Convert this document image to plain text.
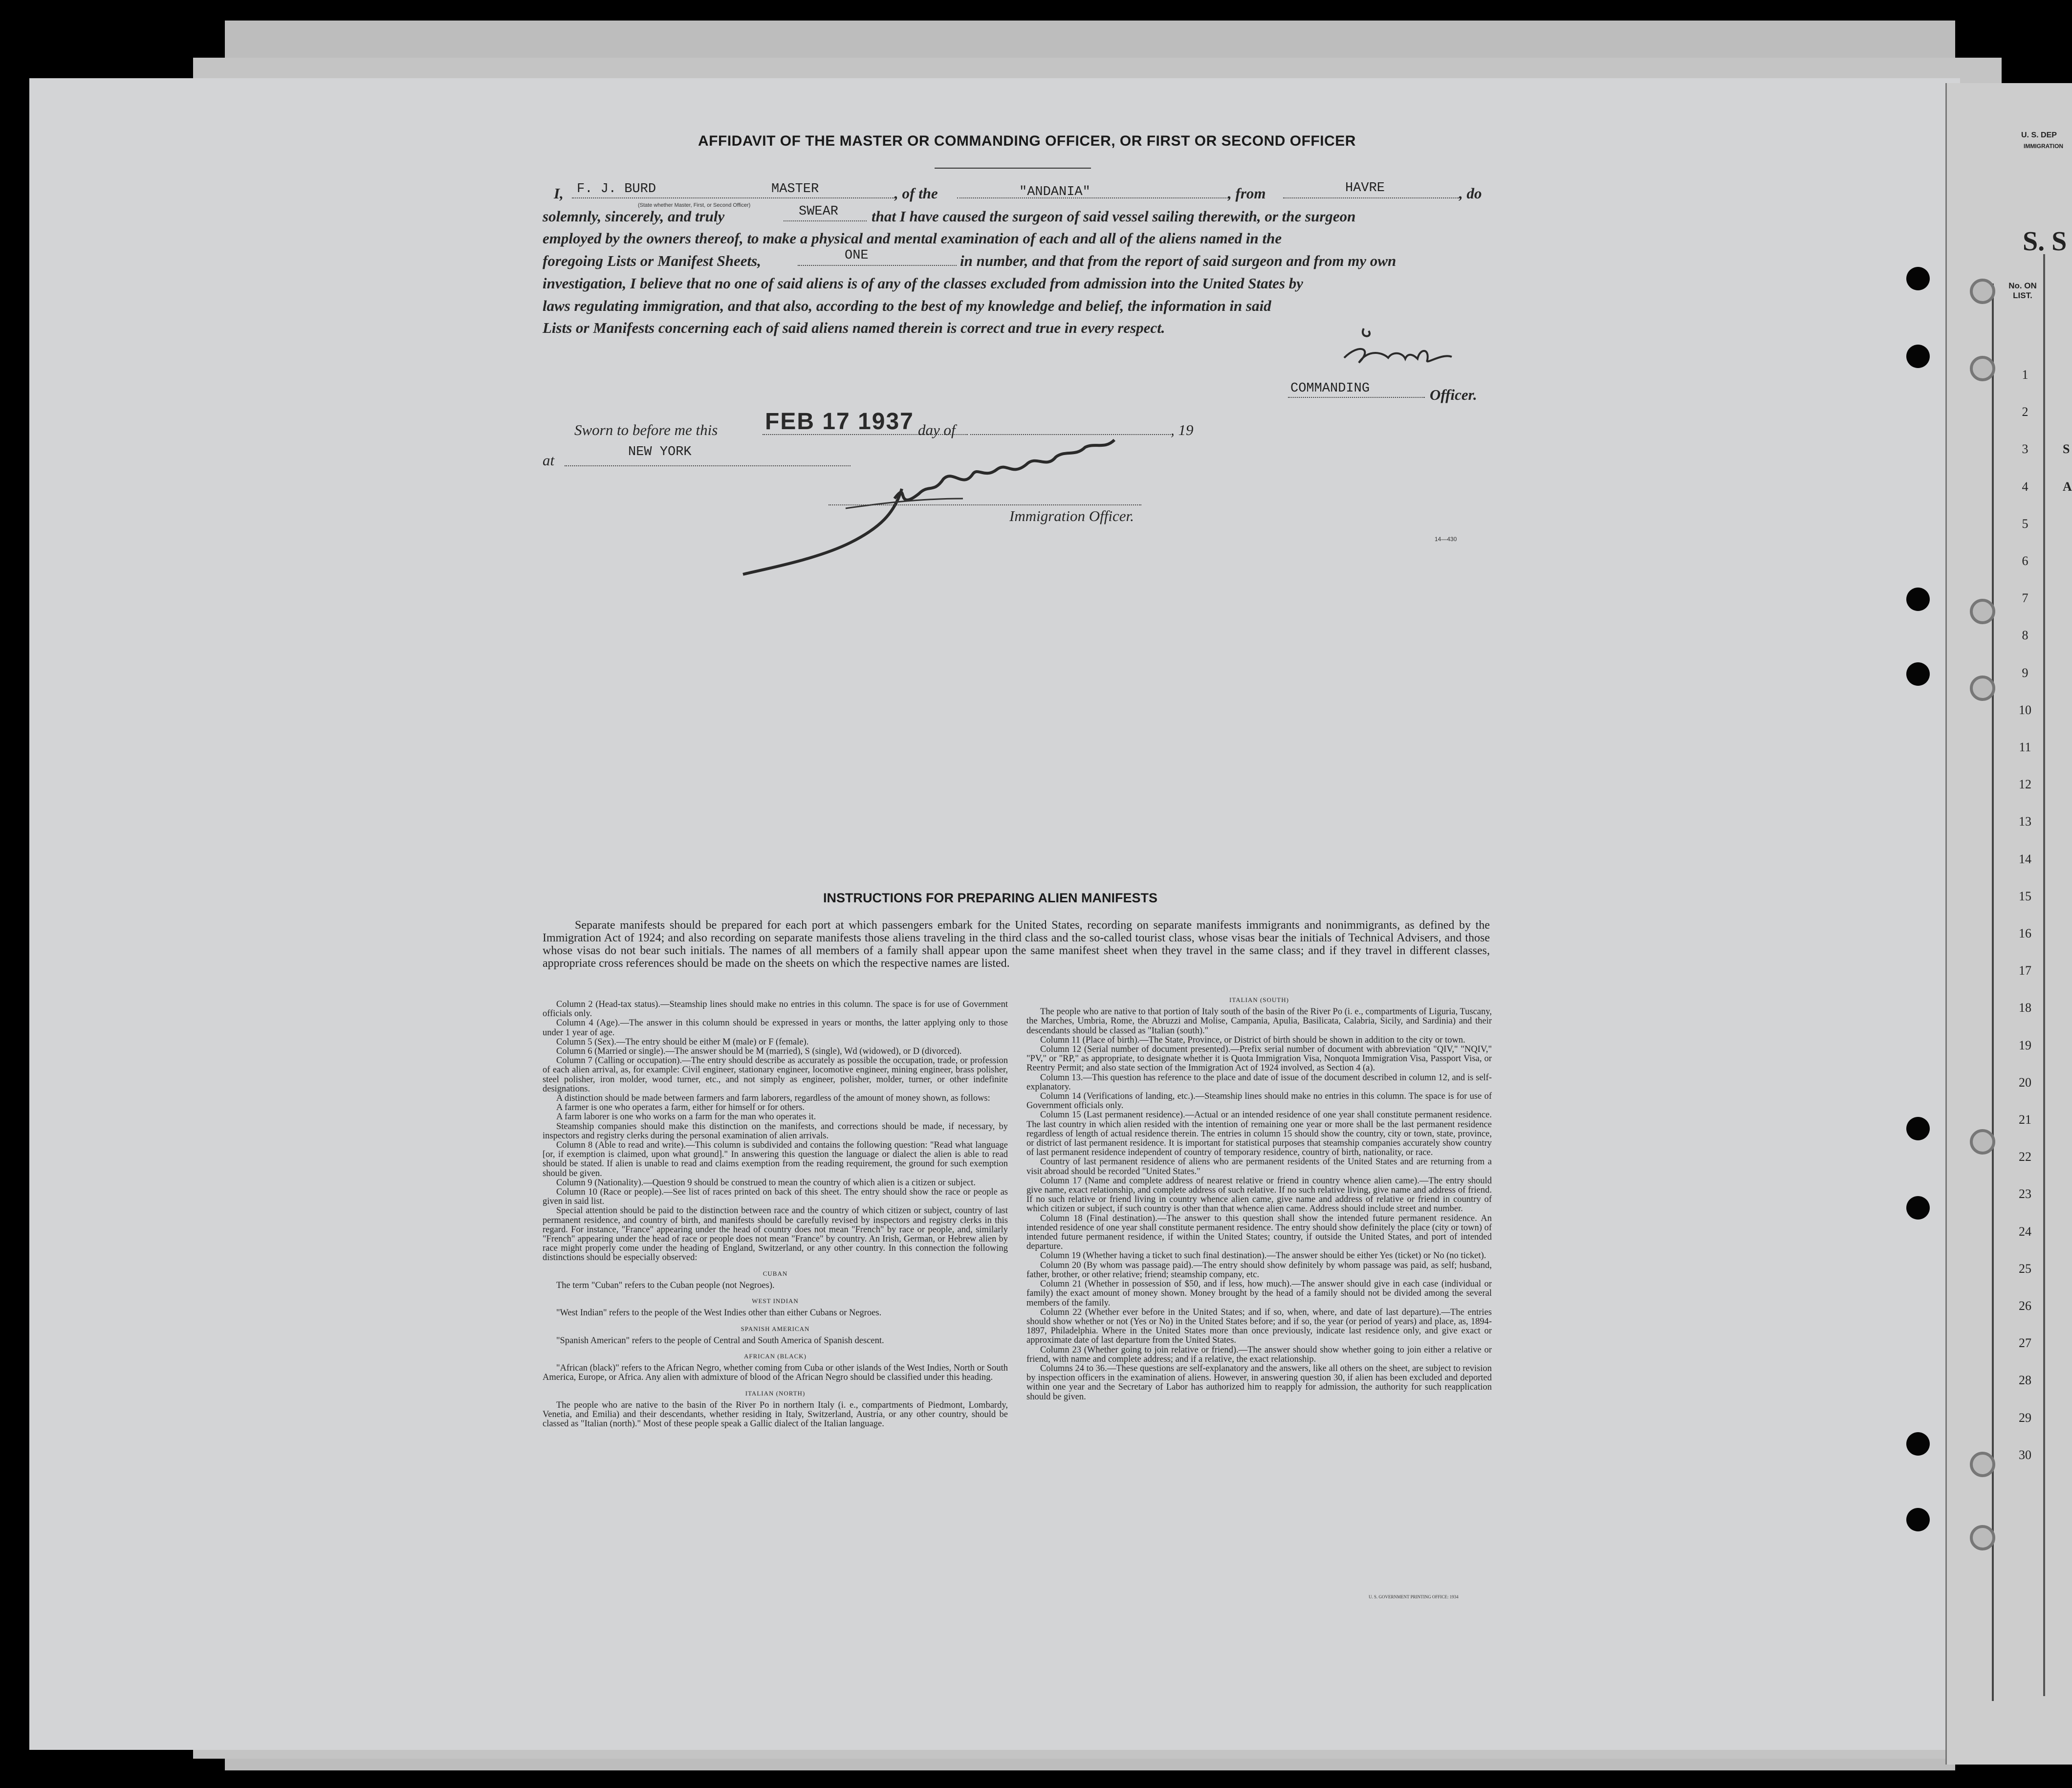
U. S. DEP
IMMIGRATION
S. S
No. ON LIST.
AFFIDAVIT OF THE MASTER OR COMMANDING OFFICER, OR FIRST OR SECOND OFFICER
I, F. J. BURD	MASTER
(State whether Master, First, or Second Officer)
, of the	"ANDANIA"	, from	HAVRE	, do
solemnly, sincerely, and truly	SWEAR that I have caused the surgeon of said vessel sailing therewith, or the surgeon
employed by the owners thereof, to make a physical and mental examination of each and all of the aliens named in the
foregoing Lists or Manifest Sheets,	ONE	in number, and that from the report of said surgeon and from my own
investigation, I believe that no one of said aliens is of any of the classes excluded from admission into the United States by
laws regulating immigration, and that also, according to the best of my knowledge and belief, the information in said
Lists or Manifests concerning each of said aliens named therein is correct and true in every respect.
COMMANDING	Officer.
Sworn to before me this FEB 17 1937 day of	, 19
at	NEW YORK
Immigration Officer.
14—430
INSTRUCTIONS FOR PREPARING ALIEN MANIFESTS
Separate manifests should be prepared for each port at which passengers embark for the United States, recording on separate manifests immigrants and nonimmigrants, as defined by the Immigration Act of 1924; and also recording on separate manifests those aliens traveling in the third class and the so-called tourist class, whose visas bear the initials of Technical Advisers, and those whose visas do not bear such initials. The names of all members of a family shall appear upon the same manifest sheet when they travel in the same class; and if they travel in different classes, appropriate cross references should be made on the sheets on which the respective names are listed.

Column 2 (Head-tax status).—Steamship lines should make no entries in this column. The space is for use of Government officials only.

Column 4 (Age).—The answer in this column should be expressed in years or months, the latter applying only to those under 1 year of age.

Column 5 (Sex).—The entry should be either M (male) or F (female).

Column 6 (Married or single).—The answer should be M (married), S (single), Wd (widowed), or D (divorced).

Column 7 (Calling or occupation).—The entry should describe as accurately as possible the occupation, trade, or profession of each alien arrival, as, for example: Civil engineer, stationary engineer, locomotive engineer, mining engineer, brass polisher, steel polisher, iron molder, wood turner, etc., and not simply as engineer, polisher, molder, turner, or other indefinite designations.

A distinction should be made between farmers and farm laborers, regardless of the amount of money shown, as follows:

A farmer is one who operates a farm, either for himself or for others.

A farm laborer is one who works on a farm for the man who operates it.

Steamship companies should make this distinction on the manifests, and corrections should be made, if necessary, by inspectors and registry clerks during the personal examination of alien arrivals.

Column 8 (Able to read and write).—This column is subdivided and contains the following question: "Read what language [or, if exemption is claimed, upon what ground]." In answering this question the language or dialect the alien is able to read should be stated. If alien is unable to read and claims exemption from the reading requirement, the ground for such exemption should be given.

Column 9 (Nationality).—Question 9 should be construed to mean the country of which alien is a citizen or subject.

Column 10 (Race or people).—See list of races printed on back of this sheet. The entry should show the race or people as given in said list.

Special attention should be paid to the distinction between race and the country of which citizen or subject, country of last permanent residence, and country of birth, and manifests should be carefully revised by inspectors and registry clerks in this regard. For instance, "France" appearing under the head of country does not mean "French" by race or people, and, similarly "French" appearing under the head of race or people does not mean "France" by country. An Irish, German, or Hebrew alien by race might properly come under the heading of England, Switzerland, or any other country. In this connection the following distinctions should be especially observed:

CUBAN

The term "Cuban" refers to the Cuban people (not Negroes).

WEST INDIAN

"West Indian" refers to the people of the West Indies other than either Cubans or Negroes.

SPANISH AMERICAN

"Spanish American" refers to the people of Central and South America of Spanish descent.

AFRICAN (BLACK)

"African (black)" refers to the African Negro, whether coming from Cuba or other islands of the West Indies, North or South America, Europe, or Africa. Any alien with admixture of blood of the African Negro should be classified under this heading.

ITALIAN (NORTH)

The people who are native to the basin of the River Po in northern Italy (i. e., compartments of Piedmont, Lombardy, Venetia, and Emilia) and their descendants, whether residing in Italy, Switzerland, Austria, or any other country, should be classed as "Italian (north)." Most of these people speak a Gallic dialect of the Italian language.

ITALIAN (SOUTH)

The people who are native to that portion of Italy south of the basin of the River Po (i. e., compartments of Liguria, Tuscany, the Marches, Umbria, Rome, the Abruzzi and Molise, Campania, Apulia, Basilicata, Calabria, Sicily, and Sardinia) and their descendants should be classed as "Italian (south)."

Column 11 (Place of birth).—The State, Province, or District of birth should be shown in addition to the city or town.

Column 12 (Serial number of document presented).—Prefix serial number of document with abbreviation "QIV," "NQIV," "PV," or "RP," as appropriate, to designate whether it is Quota Immigration Visa, Nonquota Immigration Visa, Passport Visa, or Reentry Permit; and also state section of the Immigration Act of 1924 involved, as Section 4 (a).

Column 13.—This question has reference to the place and date of issue of the document described in column 12, and is self-explanatory.

Column 14 (Verifications of landing, etc.).—Steamship lines should make no entries in this column. The space is for use of Government officials only.

Column 15 (Last permanent residence).—Actual or an intended residence of one year shall constitute permanent residence. The last country in which alien resided with the intention of remaining one year or more shall be the last permanent residence regardless of length of actual residence therein. The entries in column 15 should show the country, city or town, state, province, or district of last permanent residence. It is important for statistical purposes that steamship companies accurately show country of last permanent residence independent of country of temporary residence, country of birth, nationality, or race.

Country of last permanent residence of aliens who are permanent residents of the United States and are returning from a visit abroad should be recorded "United States."

Column 17 (Name and complete address of nearest relative or friend in country whence alien came).—The entry should give name, exact relationship, and complete address of such relative. If no such relative living, give name and address of friend. If no such relative or friend living in country whence alien came, give name and address of relative or friend in country of which citizen or subject, if such country is other than that whence alien came. Address should include street and number.

Column 18 (Final destination).—The answer to this question shall show the intended future permanent residence. An intended residence of one year shall constitute permanent residence. The entry should show definitely the place (city or town) of intended future permanent residence, if within the United States; country, if outside the United States, and port of intended departure.

Column 19 (Whether having a ticket to such final destination).—The answer should be either Yes (ticket) or No (no ticket).

Column 20 (By whom was passage paid).—The entry should show definitely by whom passage was paid, as self; husband, father, brother, or other relative; friend; steamship company, etc.

Column 21 (Whether in possession of $50, and if less, how much).—The answer should give in each case (individual or family) the exact amount of money shown. Money brought by the head of a family should not be divided among the several members of the family.

Column 22 (Whether ever before in the United States; and if so, when, where, and date of last departure).—The entries should show whether or not (Yes or No) in the United States before; and if so, the year (or period of years) and place, as, 1894-1897, Philadelphia. Where in the United States more than once previously, indicate last residence only, and give exact or approximate date of last departure from the United States.

Column 23 (Whether going to join relative or friend).—The answer should show whether going to join either a relative or friend, with name and complete address; and if a relative, the exact relationship.

Columns 24 to 36.—These questions are self-explanatory and the answers, like all others on the sheet, are subject to revision by inspection officers in the examination of aliens. However, in answering question 30, if alien has been excluded and deported within one year and the Secretary of Labor has authorized him to reapply for admission, the authority for such reapplication should be given.

U. S. GOVERNMENT PRINTING OFFICE: 1934
1
2
3	S
4	A
5
6
7
8
9
10
11
12
13
14
15
16
17
18
19
20
21
22
23
24
25
26
27
28
29
30
